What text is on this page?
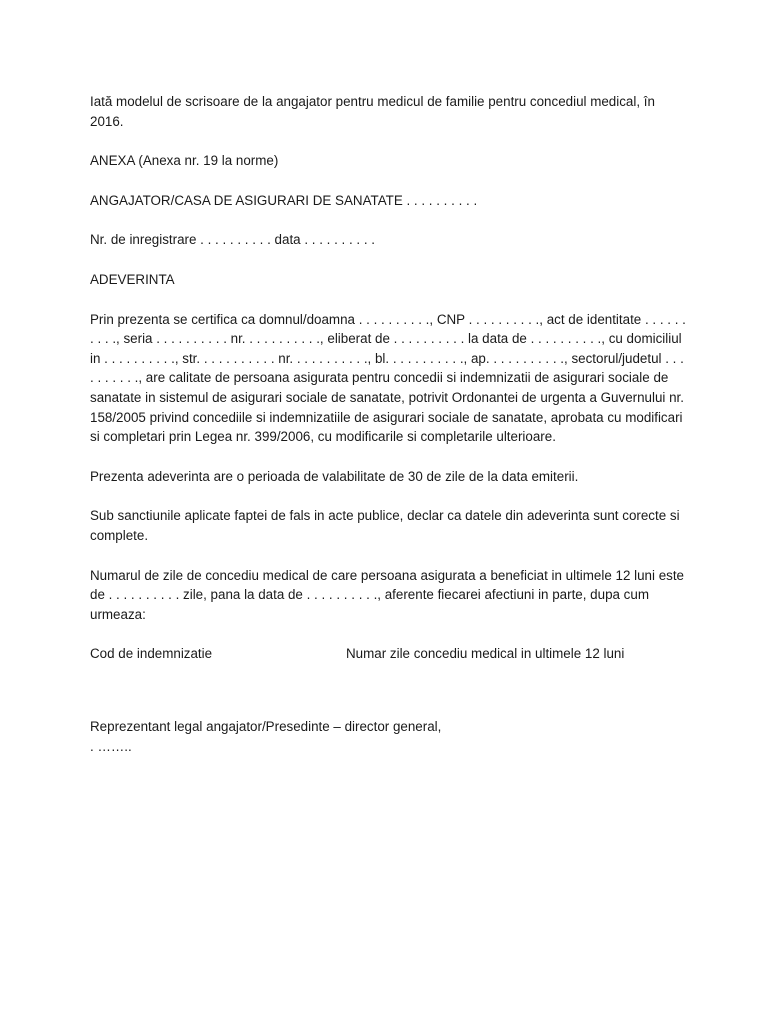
Iată modelul de scrisoare de la angajator pentru medicul de familie pentru concediul medical, în 2016.

ANEXA (Anexa nr. 19 la norme)

ANGAJATOR/CASA DE ASIGURARI DE SANATATE . . . . . . . . . .

Nr. de inregistrare . . . . . . . . . . data . . . . . . . . . .

ADEVERINTA

Prin prezenta se certifica ca domnul/doamna . . . . . . . . . ., CNP . . . . . . . . . ., act de identitate . . . . . . . . . ., seria . . . . . . . . . . nr. . . . . . . . . . ., eliberat de . . . . . . . . . . la data de . . . . . . . . . ., cu domiciliul in . . . . . . . . . ., str. . . . . . . . . . . nr. . . . . . . . . . ., bl. . . . . . . . . . ., ap. . . . . . . . . . ., sectorul/judetul . . . . . . . . . ., are calitate de persoana asigurata pentru concedii si indemnizatii de asigurari sociale de sanatate in sistemul de asigurari sociale de sanatate, potrivit Ordonantei de urgenta a Guvernului nr. 158/2005 privind concediile si indemnizatiile de asigurari sociale de sanatate, aprobata cu modificari si completari prin Legea nr. 399/2006, cu modificarile si completarile ulterioare.

Prezenta adeverinta are o perioada de valabilitate de 30 de zile de la data emiterii.

Sub sanctiunile aplicate faptei de fals in acte publice, declar ca datele din adeverinta sunt corecte si complete.

Numarul de zile de concediu medical de care persoana asigurata a beneficiat in ultimele 12 luni este de . . . . . . . . . . zile, pana la data de . . . . . . . . . ., aferente fiecarei afectiuni in parte, dupa cum urmeaza:

Cod de indemnizatie	Numar zile concediu medical in ultimele 12 luni

Reprezentant legal angajator/Presedinte – director general,

. ……..
